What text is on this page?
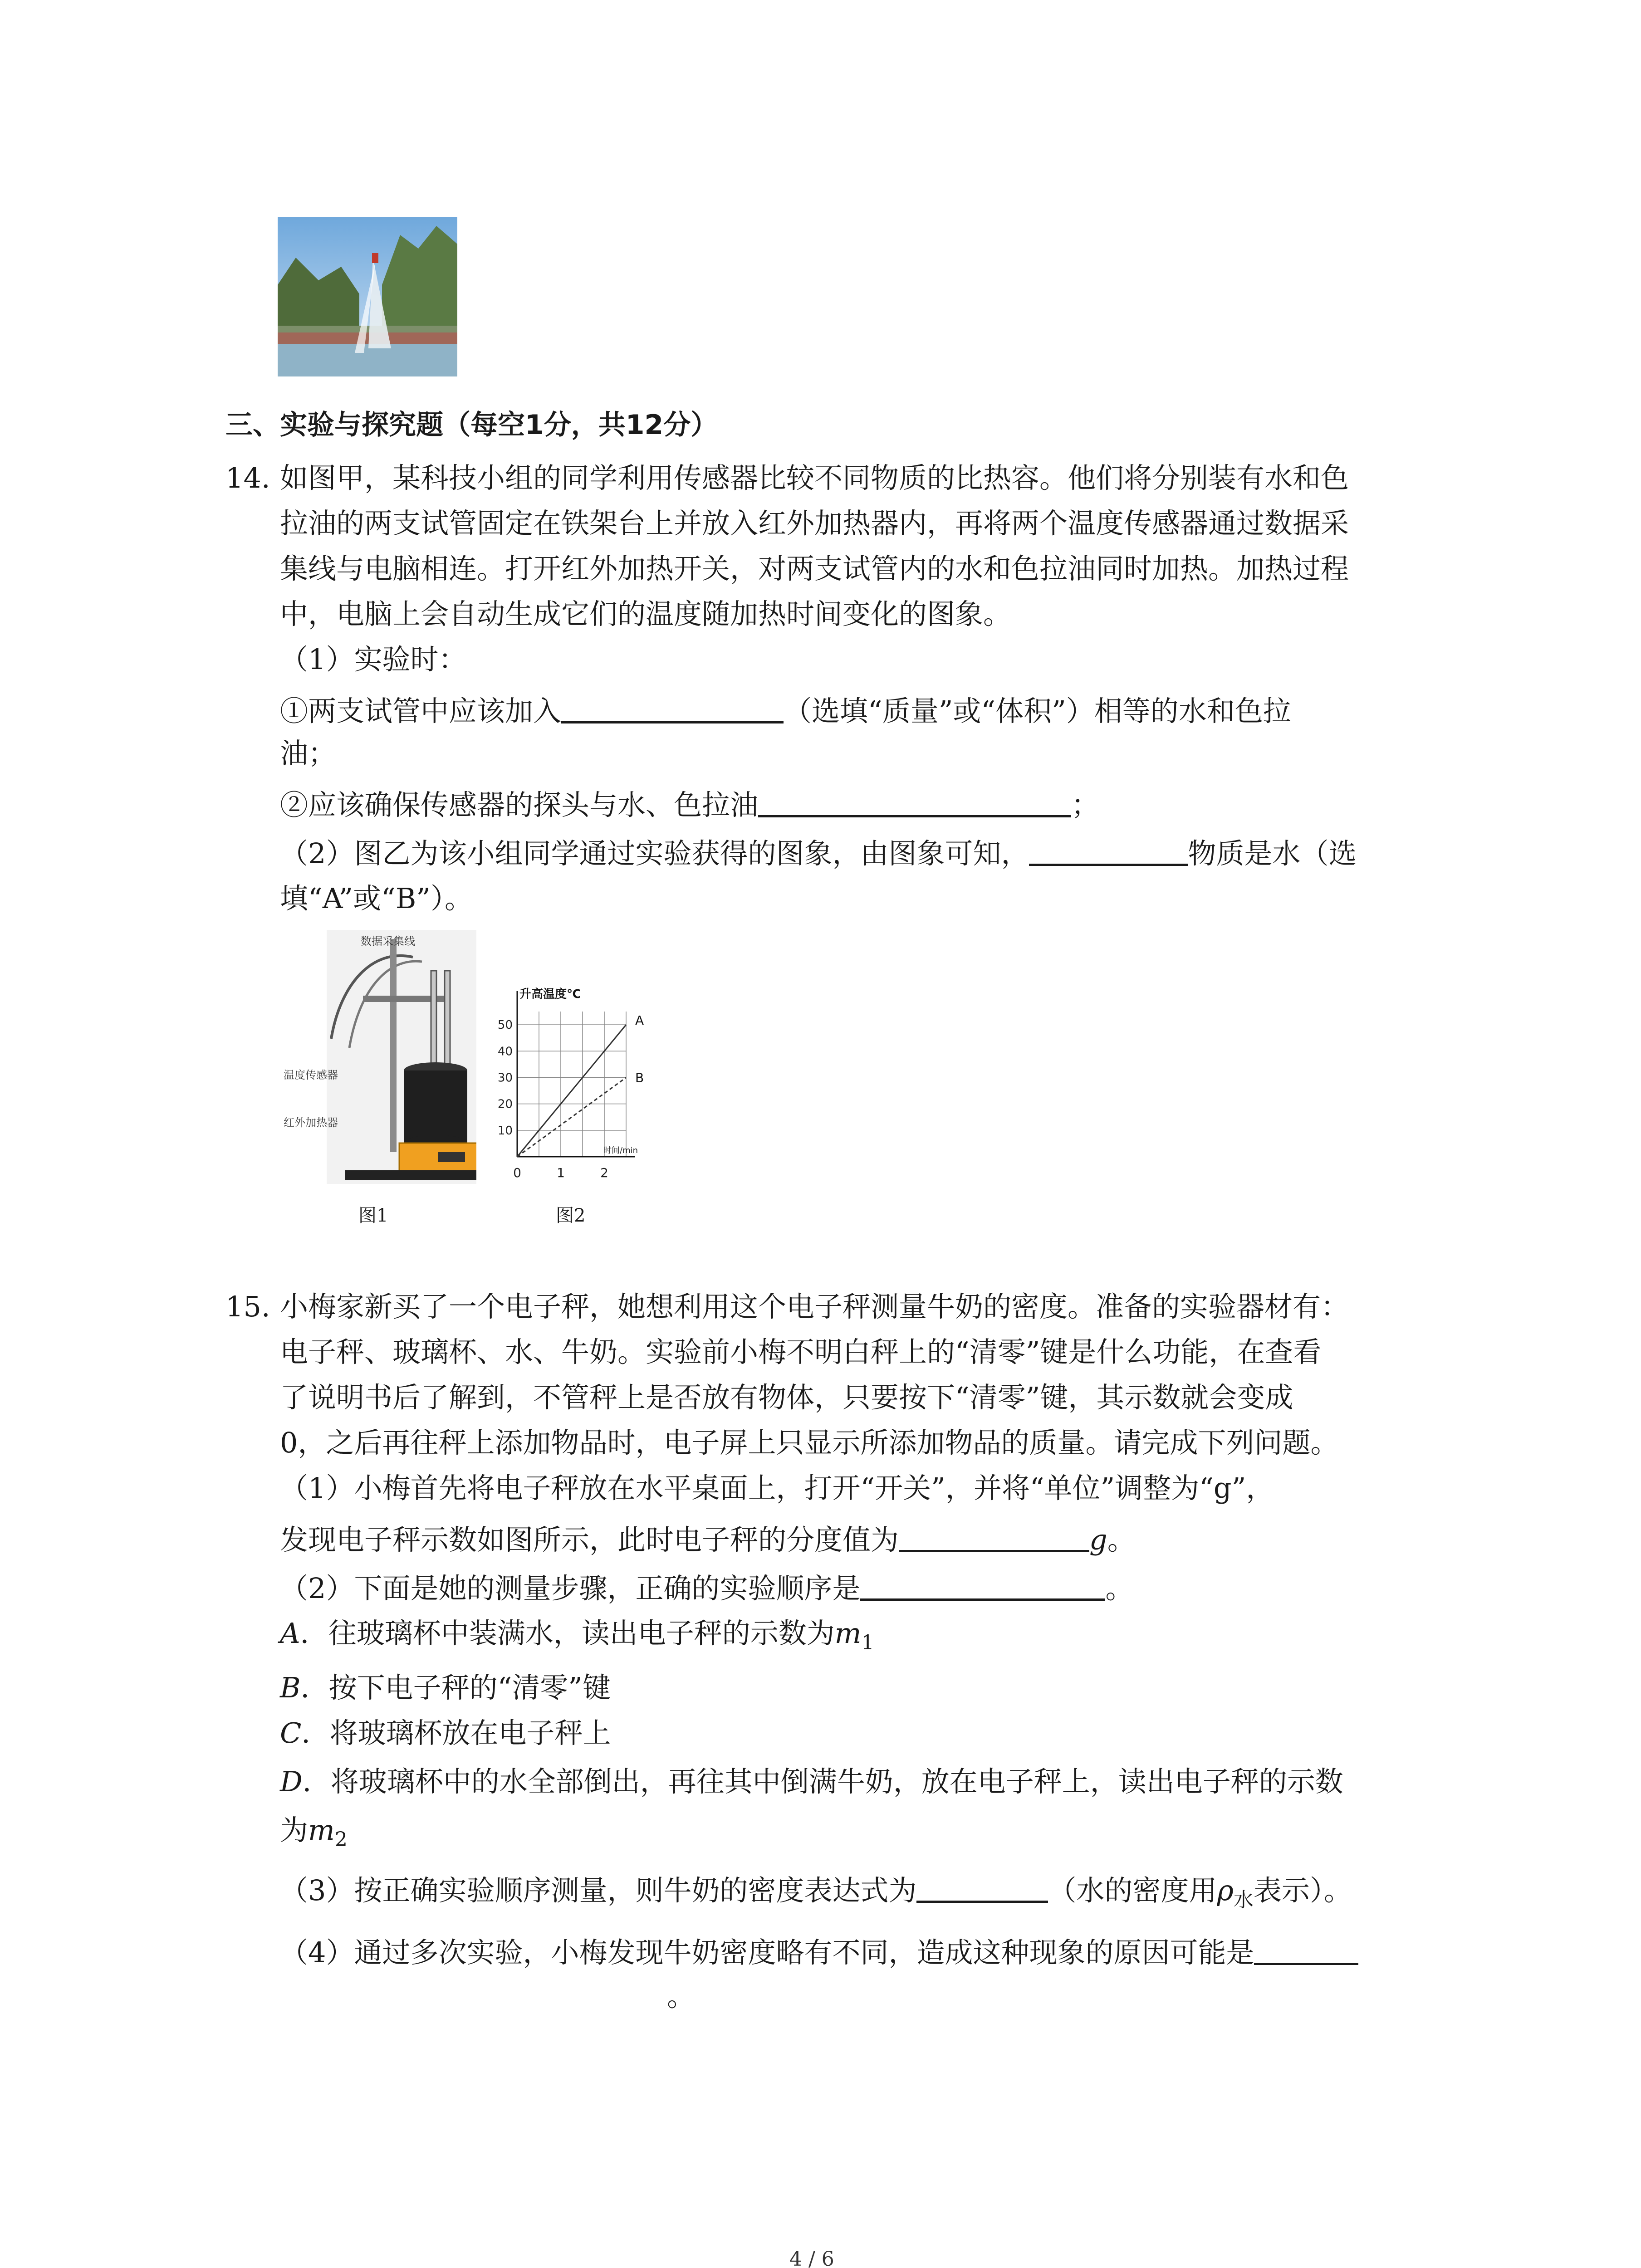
三、实验与探究题（每空1分，共12分）
14. 如图甲，某科技小组的同学利用传感器比较不同物质的比热容。他们将分别装有水和色
拉油的两支试管固定在铁架台上并放入红外加热器内，再将两个温度传感器通过数据采
集线与电脑相连。打开红外加热开关，对两支试管内的水和色拉油同时加热。加热过程
中，电脑上会自动生成它们的温度随加热时间变化的图象。
（1）实验时：
①两支试管中应该加入	（选填“质量”或“体积”）相等的水和色拉
油；
②应该确保传感器的探头与水、色拉油	；
（2）图乙为该小组同学通过实验获得的图象，由图象可知，	物质是水（选
填“A”或“B”）。
数据采集线
温度传感器
红外加热器
图1
10
20
30
40
50
0	1	2
升高温度℃
时间/min
A
B
图2
15. 小梅家新买了一个电子秤，她想利用这个电子秤测量牛奶的密度。准备的实验器材有：
电子秤、玻璃杯、水、牛奶。实验前小梅不明白秤上的“清零”键是什么功能，在查看
了说明书后了解到，不管秤上是否放有物体，只要按下“清零”键，其示数就会变成
0，之后再往秤上添加物品时，电子屏上只显示所添加物品的质量。请完成下列问题。
（1）小梅首先将电子秤放在水平桌面上，打开“开关”，并将“单位”调整为“g”，
发现电子秤示数如图所示，此时电子秤的分度值为	g。
（2）下面是她的测量步骤，正确的实验顺序是	。
A．往玻璃杯中装满水，读出电子秤的示数为$m_1$
B．按下电子秤的“清零”键
C．将玻璃杯放在电子秤上
D．将玻璃杯中的水全部倒出，再往其中倒满牛奶，放在电子秤上，读出电子秤的示数
为$m_2$
（3）按正确实验顺序测量，则牛奶的密度表达式为	（水的密度用$\rho_水$表示）。
（4）通过多次实验，小梅发现牛奶密度略有不同，造成这种现象的原因可能是
。
4 / 6
